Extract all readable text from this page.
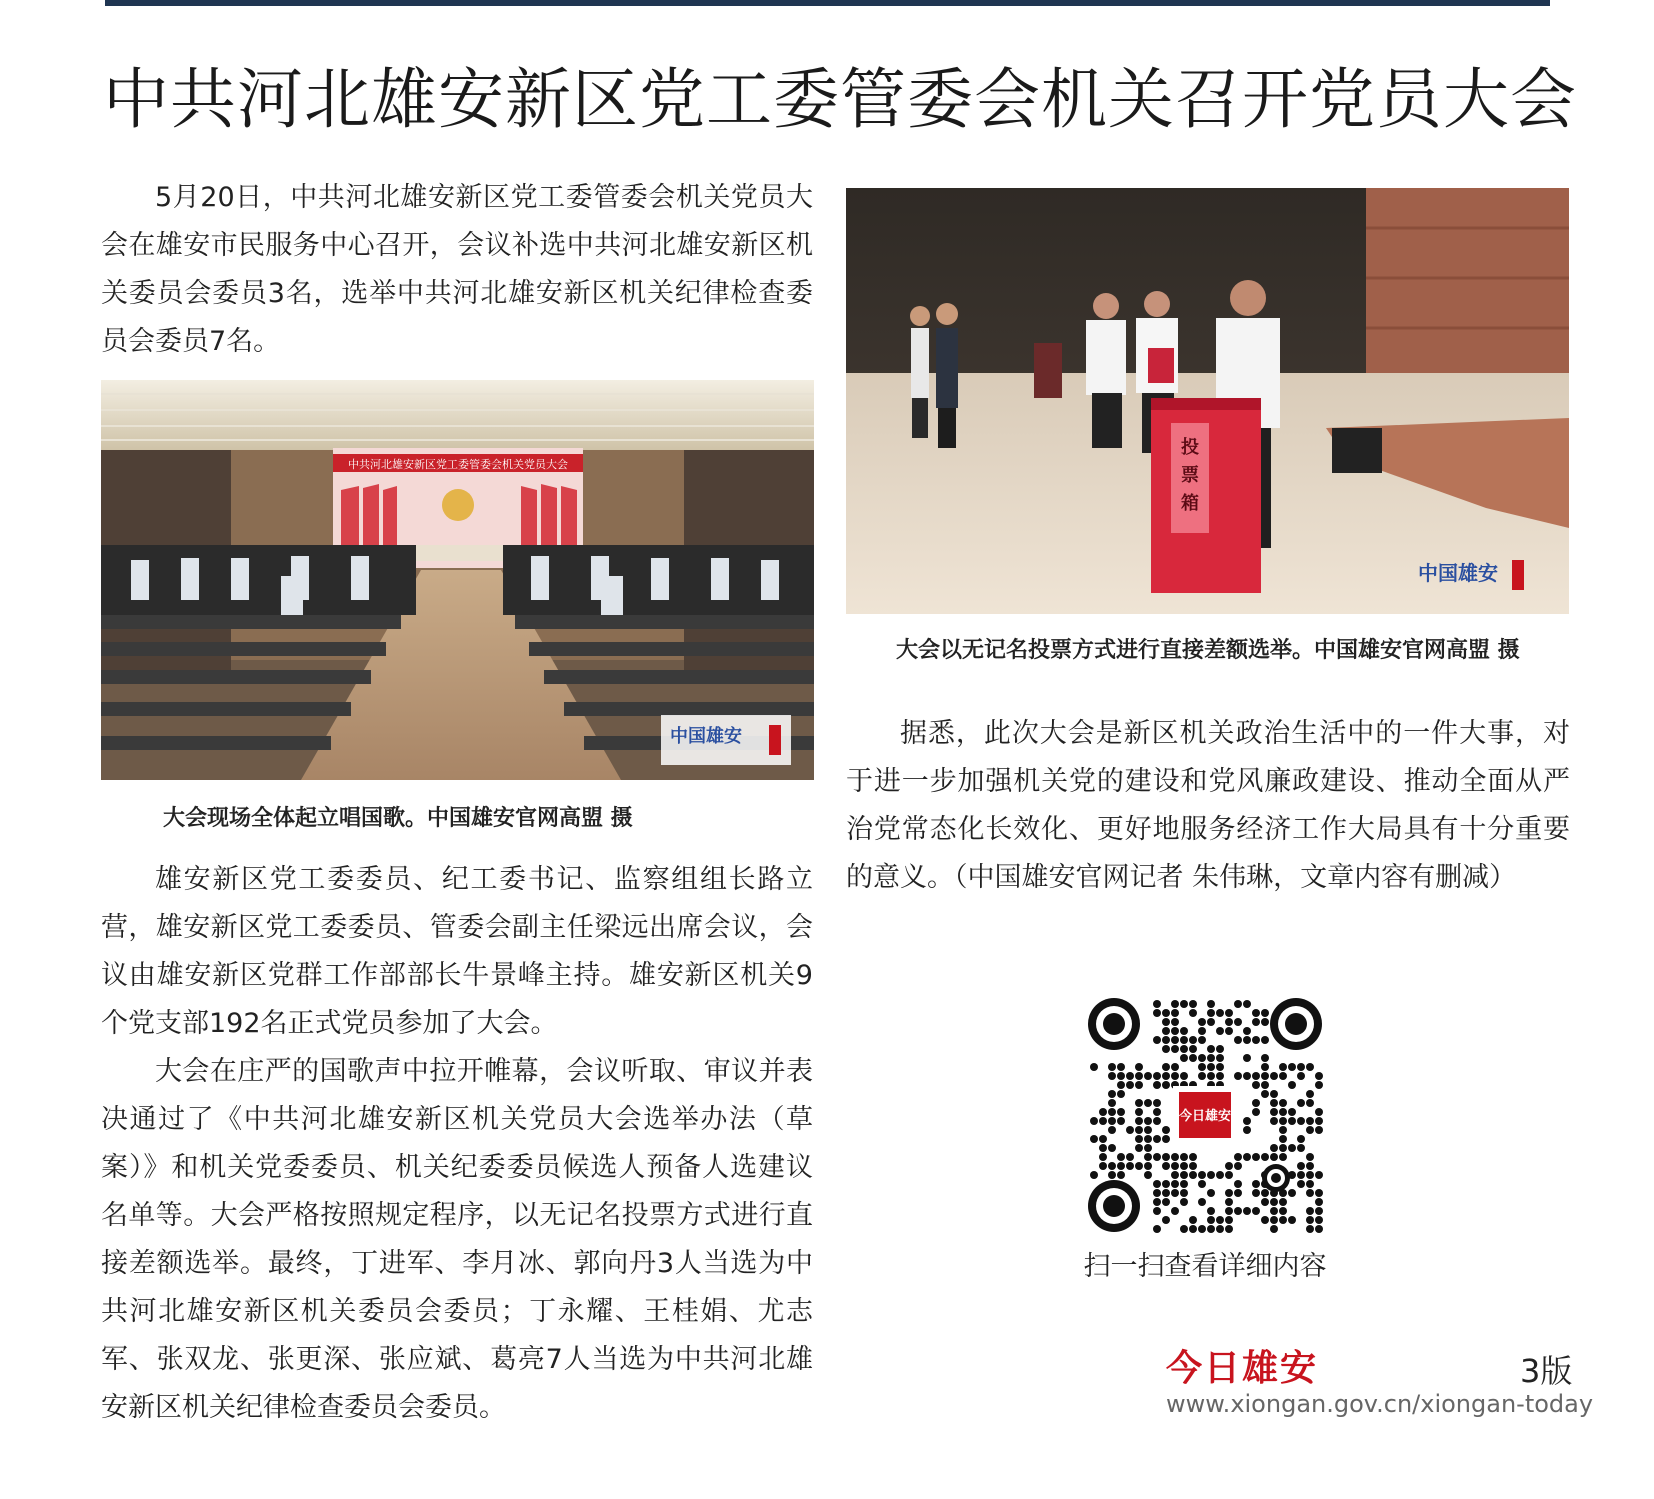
中共河北雄安新区党工委管委会机关召开党员大会

5月20日，中共河北雄安新区党工委管委会机关党员大会在雄安市民服务中心召开，会议补选中共河北雄安新区机关委员会委员3名，选举中共河北雄安新区机关纪律检查委员会委员7名。

中共河北雄安新区党工委管委会机关党员大会
中国雄安
大会现场全体起立唱国歌。中国雄安官网高盟 摄

雄安新区党工委委员、纪工委书记、监察组组长路立营，雄安新区党工委委员、管委会副主任梁远出席会议，会议由雄安新区党群工作部部长牛景峰主持。雄安新区机关9个党支部192名正式党员参加了大会。

大会在庄严的国歌声中拉开帷幕，会议听取、审议并表决通过了《中共河北雄安新区机关党员大会选举办法（草案）》和机关党委委员、机关纪委委员候选人预备人选建议名单等。大会严格按照规定程序，以无记名投票方式进行直接差额选举。最终，丁进军、李月冰、郭向丹3人当选为中共河北雄安新区机关委员会委员；丁永耀、王桂娟、尤志军、张双龙、张更深、张应斌、葛亮7人当选为中共河北雄安新区机关纪律检查委员会委员。

投票箱
中国雄安
大会以无记名投票方式进行直接差额选举。中国雄安官网高盟 摄

据悉，此次大会是新区机关政治生活中的一件大事，对于进一步加强机关党的建设和党风廉政建设、推动全面从严治党常态化长效化、更好地服务经济工作大局具有十分重要的意义。（中国雄安官网记者 朱伟琳，文章内容有删减）

今日雄安
扫一扫查看详细内容
今日雄安	3版
www.xiongan.gov.cn/xiongan-today
